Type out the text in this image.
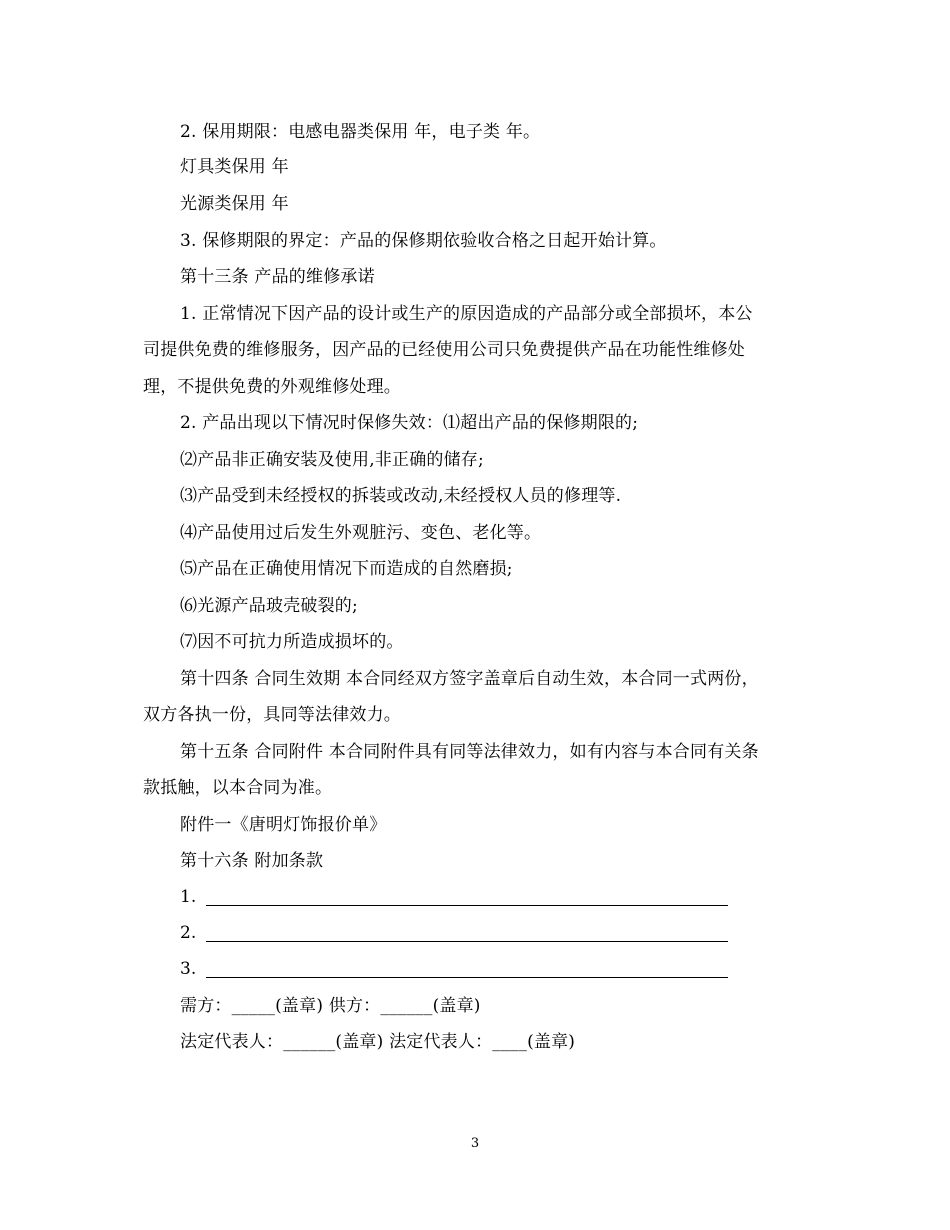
2. 保用期限：电感电器类保用 年，电子类 年。
灯具类保用 年
光源类保用 年
3. 保修期限的界定：产品的保修期依验收合格之日起开始计算。
第十三条 产品的维修承诺
1. 正常情况下因产品的设计或生产的原因造成的产品部分或全部损坏，本公
司提供免费的维修服务，因产品的已经使用公司只免费提供产品在功能性维修处
理，不提供免费的外观维修处理。
2. 产品出现以下情况时保修失效：⑴超出产品的保修期限的;
⑵产品非正确安装及使用,非正确的储存;
⑶产品受到未经授权的拆装或改动,未经授权人员的修理等.
⑷产品使用过后发生外观脏污、变色、老化等。
⑸产品在正确使用情况下而造成的自然磨损;
⑹光源产品玻壳破裂的;
⑺因不可抗力所造成损坏的。
第十四条 合同生效期 本合同经双方签字盖章后自动生效，本合同一式两份，
双方各执一份，具同等法律效力。
第十五条 合同附件 本合同附件具有同等法律效力，如有内容与本合同有关条
款抵触，以本合同为准。
附件一《唐明灯饰报价单》
第十六条 附加条款
1.
2.
3.
需方：_____(盖章) 供方：______(盖章)
法定代表人：______(盖章) 法定代表人：____(盖章)
3
